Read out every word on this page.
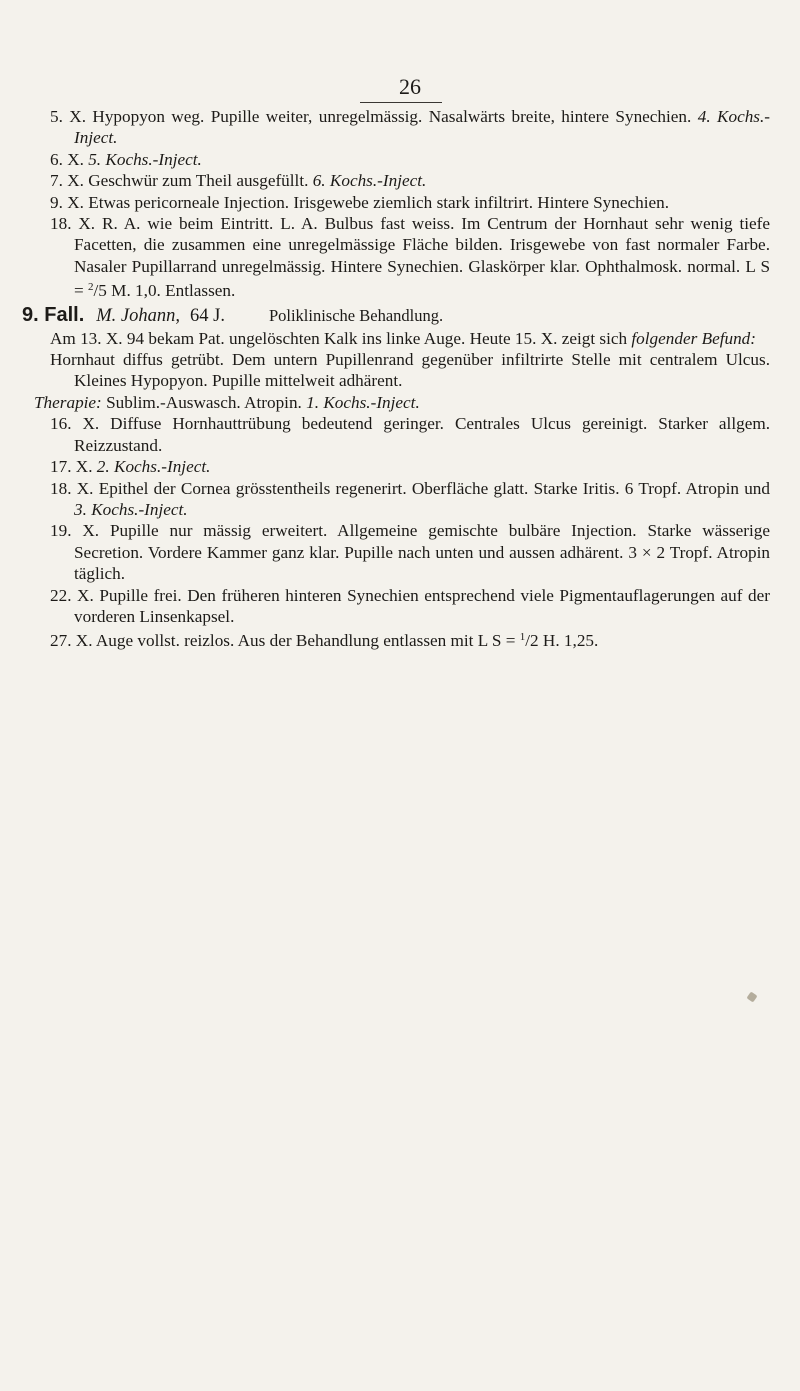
26

5. X. Hypopyon weg. Pupille weiter, unregelmässig. Nasalwärts breite, hintere Synechien. 4. Kochs.-Inject.

6. X. 5. Kochs.-Inject.

7. X. Geschwür zum Theil ausgefüllt. 6. Kochs.-Inject.

9. X. Etwas pericorneale Injection. Irisgewebe ziemlich stark infiltrirt. Hintere Synechien.

18. X. R. A. wie beim Eintritt. L. A. Bulbus fast weiss. Im Centrum der Hornhaut sehr wenig tiefe Facetten, die zusammen eine unregelmässige Fläche bilden. Irisgewebe von fast normaler Farbe. Nasaler Pupillarrand unregelmässig. Hintere Synechien. Glaskörper klar. Ophthalmosk. normal. L S = $^2$/5 M. 1,0. Entlassen.

9. Fall. M. Johann, 64 J.	Poliklinische Behandlung.

Am 13. X. 94 bekam Pat. ungelöschten Kalk ins linke Auge. Heute 15. X. zeigt sich folgender Befund:

Hornhaut diffus getrübt. Dem untern Pupillenrand gegenüber infiltrirte Stelle mit centralem Ulcus. Kleines Hypopyon. Pupille mittelweit adhärent.

Therapie: Sublim.-Auswasch. Atropin. 1. Kochs.-Inject.

16. X. Diffuse Hornhauttrübung bedeutend geringer. Centrales Ulcus gereinigt. Starker allgem. Reizzustand.

17. X. 2. Kochs.-Inject.

18. X. Epithel der Cornea grösstentheils regenerirt. Oberfläche glatt. Starke Iritis. 6 Tropf. Atropin und 3. Kochs.-Inject.

19. X. Pupille nur mässig erweitert. Allgemeine gemischte bulbäre Injection. Starke wässerige Secretion. Vordere Kammer ganz klar. Pupille nach unten und aussen adhärent. 3 × 2 Tropf. Atropin täglich.

22. X. Pupille frei. Den früheren hinteren Synechien entsprechend viele Pigmentauflagerungen auf der vorderen Linsenkapsel.

27. X. Auge vollst. reizlos. Aus der Behandlung entlassen mit L S = $^1$/2 H. 1,25.
